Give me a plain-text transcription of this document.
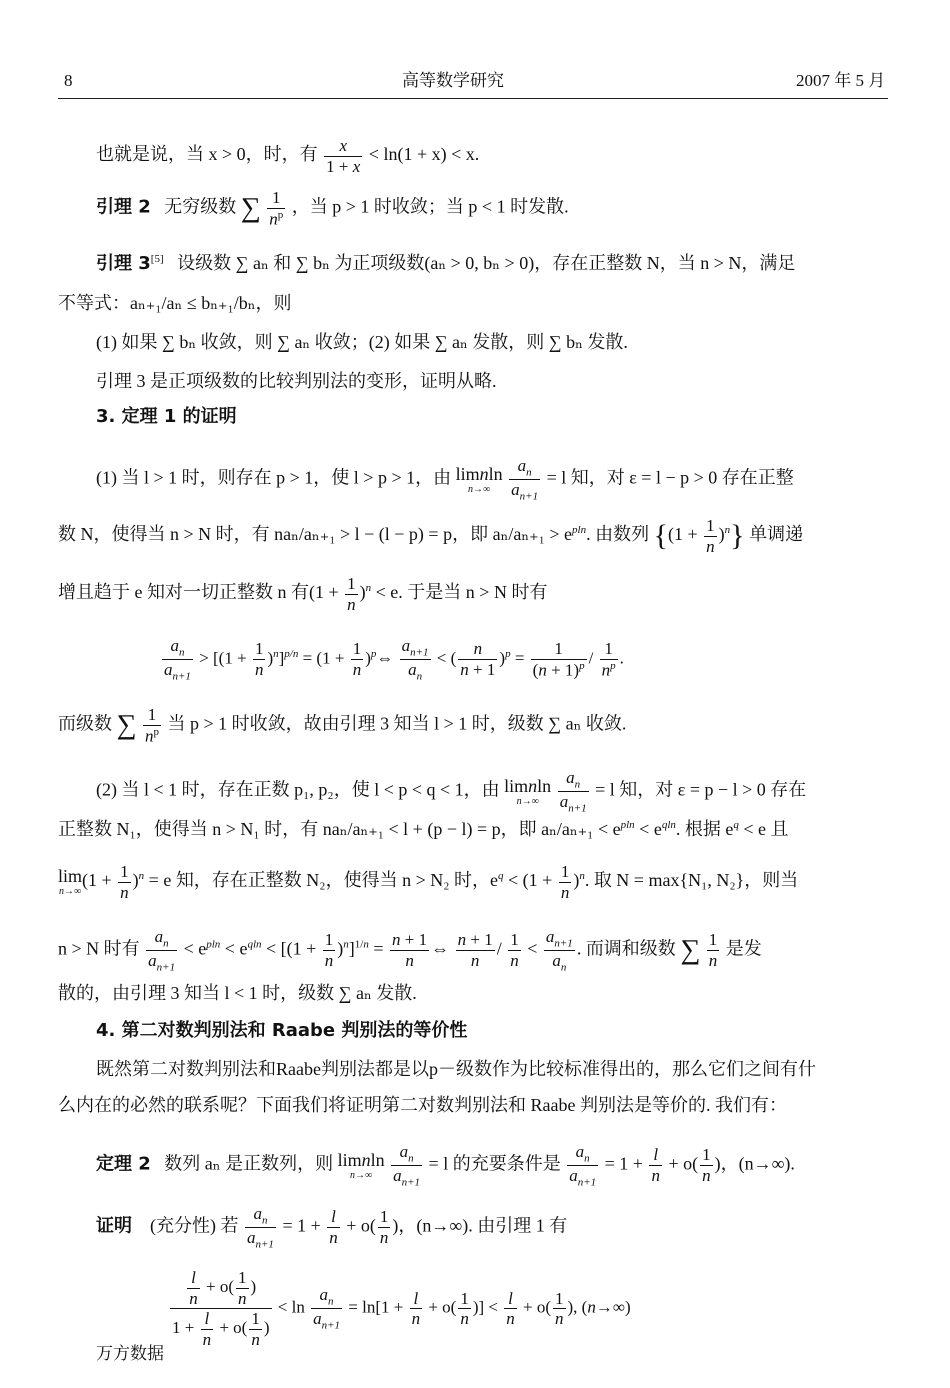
8	高等数学研究	2007 年 5 月
也就是说，当 x > 0，时，有 $\frac{x}{1 + x} < \ln(1 + x) < x$.
引理 2 无穷级数 ∑ $\frac{1}{n^p}$ ，当 p > 1 时收敛；当 p < 1 时发散.
引理 3[5] 设级数 ∑ aₙ 和 ∑ bₙ 为正项级数(aₙ > 0, bₙ > 0)，存在正整数 N，当 n > N，满足
不等式：aₙ₊₁/aₙ ≤ bₙ₊₁/bₙ，则
(1) 如果 ∑ bₙ 收敛，则 ∑ aₙ 收敛；(2) 如果 ∑ aₙ 发散，则 ∑ bₙ 发散.
引理 3 是正项级数的比较判别法的变形，证明从略.
3. 定理 1 的证明
(1) 当 l > 1 时，则存在 p > 1，使 l > p > 1，由 limnln
n→∞
	$\frac{a_n}{a_{n+1}} = l$ 知，对 ε = l − p > 0 存在正整
数 N，使得当 n > N 时，有 naₙ/aₙ₊₁ > l − (l − p) = p，即 $a_n/a_{n+1} > e^{pln}$. 由数列 $\{(1 + \frac{1}{n} )^n\}$ 单调递
增且趋于 e 知对一切正整数 n 有$(1 + \frac{1}{n} )^n < e$. 于是当 n > N 时有
$\frac{a_n}{a_{n+1}} > [(1 + \frac{1}{n} )^n]^{p/n} = (1 + \frac{1}{n}$ )$^p\Leftrightarrow \frac{a_{n+1}}{a_n}$ < ( $\frac{n}{n + 1} )^p = \frac{1}{(n + 1)^p} / \frac{1}{n^p}$ .
而级数 ∑ $\frac{1}{n^p}$ 当 p > 1 时收敛，故由引理 3 知当 l > 1 时，级数 ∑ aₙ 收敛.
(2) 当 l < 1 时，存在正数 p₁, p₂，使 l < p < q < 1，由 limnln
n→∞
	$\frac{a_n}{a_{n+1}} = l$ 知，对 ε = p − l > 0 存在
正整数 N₁，使得当 n > N₁ 时，有 naₙ/aₙ₊₁ < l + (p − l) = p，即 $a_n/a_{n+1} < e^{pln} < e^{qln}$. 根据 $e^q < e$ 且
lim
n→∞
$(1 + \frac{1}{n} )^n = e$ 知，存在正整数 N₂，使得当 n > N₂ 时，$e^q < (1 + \frac{1}{n} )^n$. 取 N = max{N₁, N₂}，则当
n > N 时有 $\frac{a_n}{a_{n+1}} < e^{pln} < e^{qln} < [(1 + \frac{1}{n} )^n]^{1/n} = \frac{n + 1}{n}$ ⇔ $\frac{n + 1}{n} / \frac{1}{n} < \frac{a_{n+1}}{a_n}$ . 而调和级数 ∑ $\frac{1}{n}$ 是发
散的，由引理 3 知当 l < 1 时，级数 ∑ aₙ 发散.
4. 第二对数判别法和 Raabe 判别法的等价性
既然第二对数判别法和Raabe判别法都是以p－级数作为比较标准得出的，那么它们之间有什
么内在的必然的联系呢？下面我们将证明第二对数判别法和 Raabe 判别法是等价的. 我们有：
定理 2 数列 aₙ 是正数列，则 limnln
n→∞
	$\frac{a_n}{a_{n+1}} = l$ 的充要条件是 $\frac{a_n}{a_{n+1}} = 1 + \frac{l}{n} + o( \frac{1}{n}$ )，(n→∞).
证明 (充分性) 若 $\frac{a_n}{a_{n+1}} = 1 + \frac{l}{n} + o( \frac{1}{n}$ )，(n→∞). 由引理 1 有
$\frac{\frac{l}{n} + o( \frac{1}{n} )}{1 + \frac{l}{n} + o( \frac{1}{n} )} < \ln \frac{a_n}{a_{n+1}} = \ln[1 + \frac{l}{n} + o( \frac{1}{n}$ )] < $\frac{l}{n} + o( \frac{1}{n}$ ), (n→∞)
万方数据
